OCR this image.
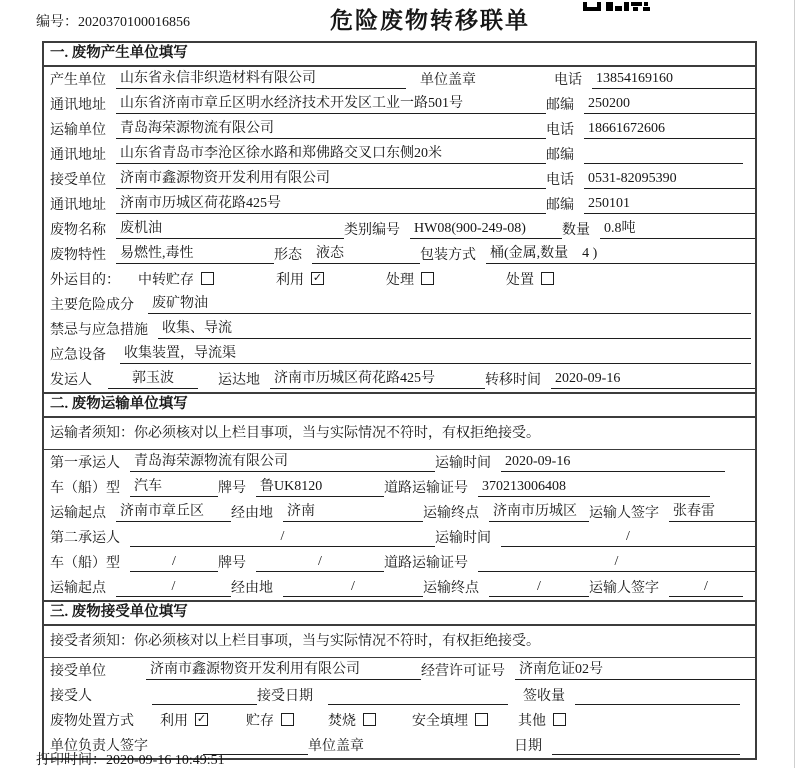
编号：2020370100016856	危险废物转移联单
一. 废物产生单位填写
产生单位 山东省永信非织造材料有限公司	单位盖章	电话 13854169160
通讯地址 山东省济南市章丘区明水经济技术开发区工业一路501号	邮编 250200
运输单位 青岛海荣源物流有限公司	电话 18661672606
通讯地址 山东省青岛市李沧区徐水路和郑佛路交叉口东侧20米	邮编
接受单位 济南市鑫源物资开发利用有限公司	电话 0531-82095390
通讯地址 济南市历城区荷花路425号	邮编 250101
废物名称 废机油	类别编号 HW08(900-249-08)	数量 0.8吨
废物特性 易燃性,毒性	形态 液态	包装方式 桶(金属,数量　4 )
外运目的： 中转贮存	利用 ✓	处理	处置
主要危险成分 废矿物油
禁忌与应急措施 收集、导流
应急设备 收集装置，导流渠
发运人	郭玉波	运达地 济南市历城区荷花路425号	转移时间 2020-09-16
二. 废物运输单位填写
运输者须知：你必须核对以上栏目事项，当与实际情况不符时，有权拒绝接受。
第一承运人 青岛海荣源物流有限公司	运输时间 2020-09-16
车（船）型 汽车	牌号 鲁UK8120	道路运输证号 370213006408
运输起点 济南市章丘区	经由地 济南	运输终点 济南市历城区 运输人签字 张春雷
第二承运人	/	运输时间	/
车（船）型	/	牌号	/	道路运输证号	/
运输起点	/	经由地	/	运输终点	/	运输人签字	/
三. 废物接受单位填写
接受者须知：你必须核对以上栏目事项，当与实际情况不符时，有权拒绝接受。
接受单位	济南市鑫源物资开发利用有限公司	经营许可证号 济南危证02号
接受人	接受日期	签收量
废物处置方式 利用 ✓	贮存	焚烧	安全填埋	其他
单位负责人签字	单位盖章	日期
打印时间：2020-09-16 10:49:51
